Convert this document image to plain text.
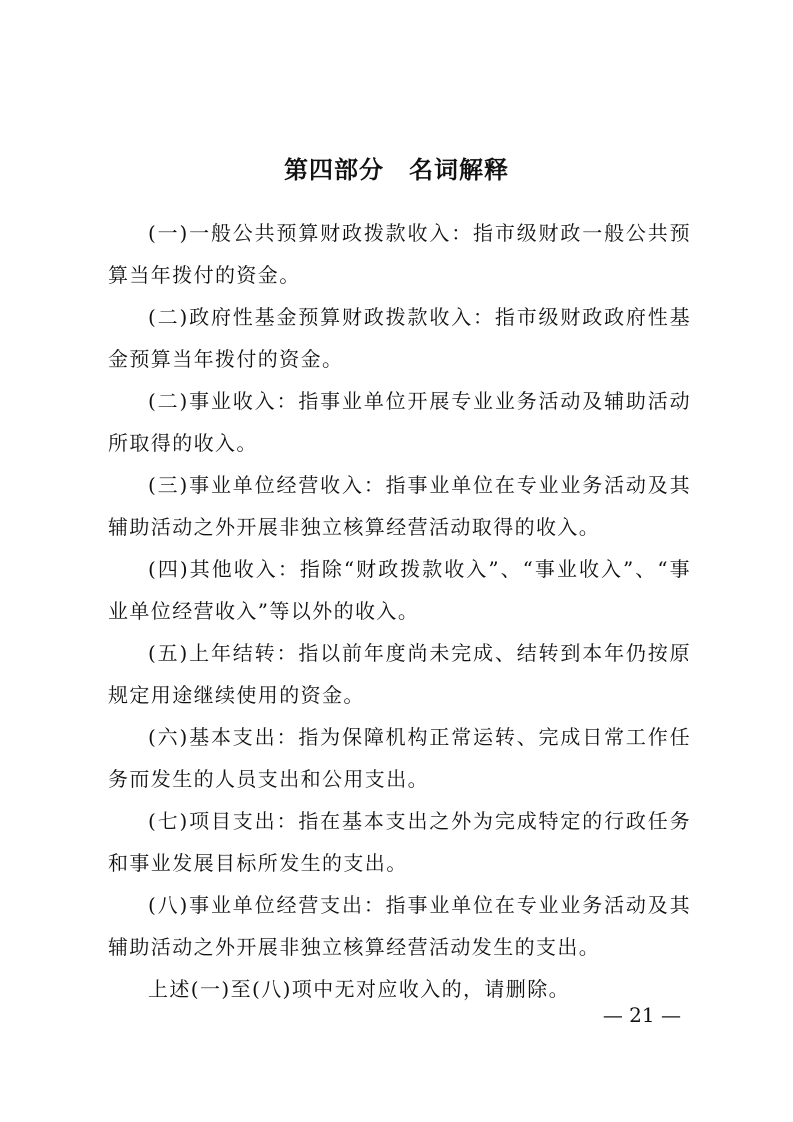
第四部分　名词解释

(一)一般公共预算财政拨款收入：指市级财政一般公共预算当年拨付的资金。

(二)政府性基金预算财政拨款收入：指市级财政政府性基金预算当年拨付的资金。

(二)事业收入：指事业单位开展专业业务活动及辅助活动所取得的收入。

(三)事业单位经营收入：指事业单位在专业业务活动及其辅助活动之外开展非独立核算经营活动取得的收入。

(四)其他收入：指除“财政拨款收入”、“事业收入”、“事业单位经营收入”等以外的收入。

(五)上年结转：指以前年度尚未完成、结转到本年仍按原规定用途继续使用的资金。

(六)基本支出：指为保障机构正常运转、完成日常工作任务而发生的人员支出和公用支出。

(七)项目支出：指在基本支出之外为完成特定的行政任务和事业发展目标所发生的支出。

(八)事业单位经营支出：指事业单位在专业业务活动及其辅助活动之外开展非独立核算经营活动发生的支出。

上述(一)至(八)项中无对应收入的，请删除。

— 21 —
